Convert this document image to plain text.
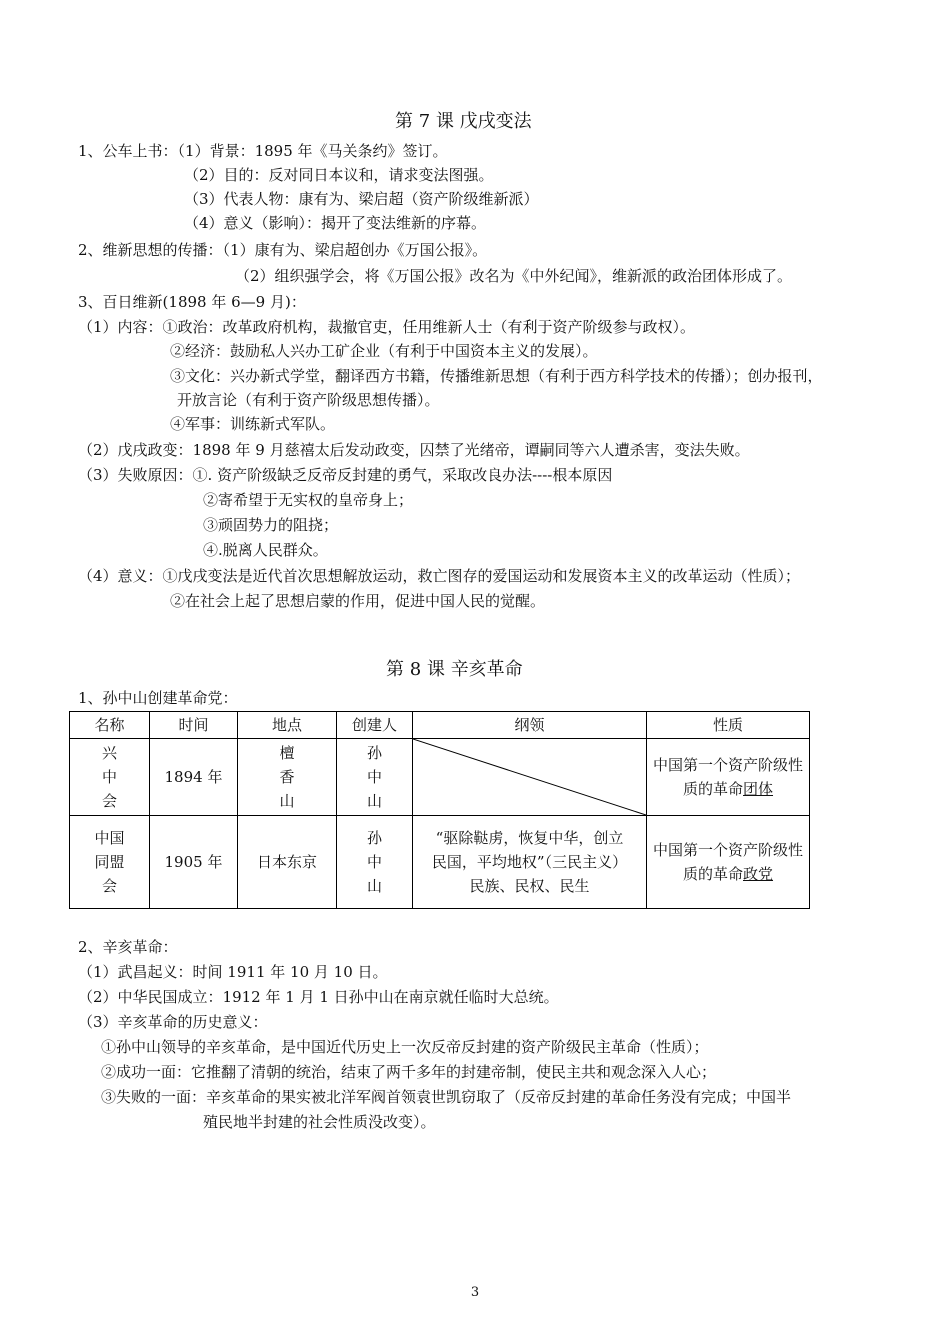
第 7 课 戊戌变法
1、公车上书：（1）背景：1895 年《马关条约》签订。
（2）目的：反对同日本议和，请求变法图强。
（3）代表人物：康有为、梁启超（资产阶级维新派）
（4）意义（影响）：揭开了变法维新的序幕。
2、维新思想的传播：（1）康有为、梁启超创办《万国公报》。
（2）组织强学会，将《万国公报》改名为《中外纪闻》，维新派的政治团体形成了。
3、百日维新(1898 年 6—9 月)：
（1）内容：①政治：改革政府机构，裁撤官吏，任用维新人士（有利于资产阶级参与政权）。
②经济：鼓励私人兴办工矿企业（有利于中国资本主义的发展）。
③文化：兴办新式学堂，翻译西方书籍，传播维新思想（有利于西方科学技术的传播）；创办报刊，
开放言论（有利于资产阶级思想传播）。
④军事：训练新式军队。
（2）戊戌政变：1898 年 9 月慈禧太后发动政变，囚禁了光绪帝，谭嗣同等六人遭杀害，变法失败。
（3）失败原因：①. 资产阶级缺乏反帝反封建的勇气，采取改良办法----根本原因
②寄希望于无实权的皇帝身上；
③顽固势力的阻挠；
④.脱离人民群众。
（4）意义：①戊戌变法是近代首次思想解放运动，救亡图存的爱国运动和发展资本主义的改革运动（性质）；
②在社会上起了思想启蒙的作用，促进中国人民的觉醒。
第 8 课 辛亥革命
1、孙中山创建革命党：
名称	时间	地点	创建人	纲领	性质

兴
中
会	1894 年	檀
香
山	孙
中
山		中国第一个资产阶级性质的革命团体

中国
同盟
会	1905 年	日本东京	孙
中
山	“驱除鞑虏，恢复中华，创立
民国，平均地权”（三民主义）
民族、民权、民生	中国第一个资产阶级性质的革命政党
2、辛亥革命：
（1）武昌起义：时间 1911 年 10 月 10 日。
（2）中华民国成立：1912 年 1 月 1 日孙中山在南京就任临时大总统。
（3）辛亥革命的历史意义：
①孙中山领导的辛亥革命，是中国近代历史上一次反帝反封建的资产阶级民主革命（性质）；
②成功一面：它推翻了清朝的统治，结束了两千多年的封建帝制，使民主共和观念深入人心；
③失败的一面：辛亥革命的果实被北洋军阀首领袁世凯窃取了（反帝反封建的革命任务没有完成；中国半
殖民地半封建的社会性质没改变）。
3
